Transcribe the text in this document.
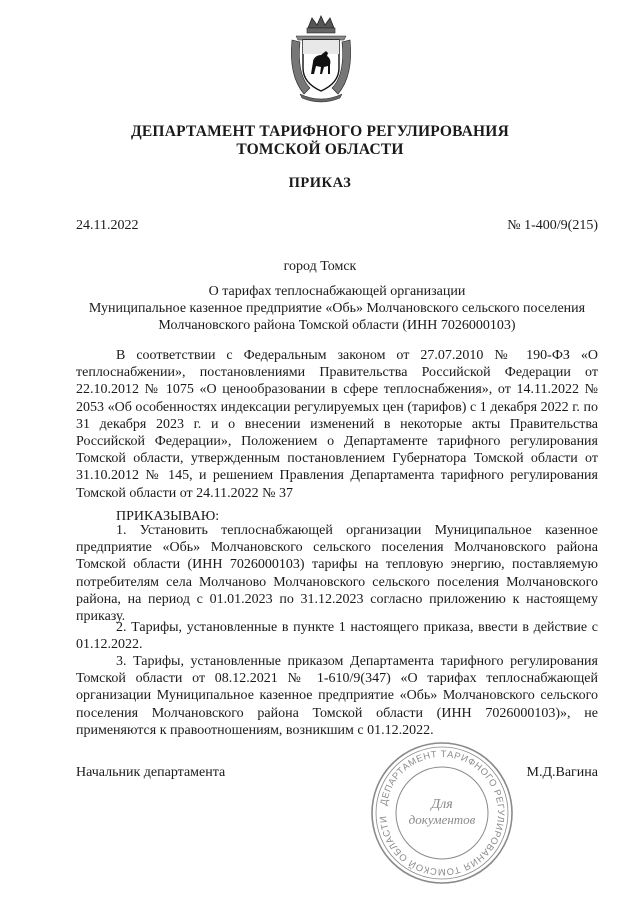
ДЕПАРТАМЕНТ ТАРИФНОГО РЕГУЛИРОВАНИЯ
ТОМСКОЙ ОБЛАСТИ
ПРИКАЗ
24.11.2022	№ 1-400/9(215)
город Томск
О тарифах теплоснабжающей организации
Муниципальное казенное предприятие «Обь» Молчановского сельского поселения
Молчановского района Томской области (ИНН 7026000103)
В соответствии с Федеральным законом от 27.07.2010 № 190-ФЗ «О теплоснабжении», постановлениями Правительства Российской Федерации от 22.10.2012 № 1075 «О ценообразовании в сфере теплоснабжения», от 14.11.2022 № 2053 «Об особенностях индексации регулируемых цен (тарифов) с 1 декабря 2022 г. по 31 декабря 2023 г. и о внесении изменений в некоторые акты Правительства Российской Федерации», Положением о Департаменте тарифного регулирования Томской области, утвержденным постановлением Губернатора Томской области от 31.10.2012 № 145, и решением Правления Департамента тарифного регулирования Томской области от 24.11.2022 № 37
ПРИКАЗЫВАЮ:
1. Установить теплоснабжающей организации Муниципальное казенное предприятие «Обь» Молчановского сельского поселения Молчановского района Томской области (ИНН 7026000103) тарифы на тепловую энергию, поставляемую потребителям села Молчаново Молчановского сельского поселения Молчановского района, на период с 01.01.2023 по 31.12.2023 согласно приложению к настоящему приказу.
2. Тарифы, установленные в пункте 1 настоящего приказа, ввести в действие с 01.12.2022.
3. Тарифы, установленные приказом Департамента тарифного регулирования Томской области от 08.12.2021 № 1-610/9(347) «О тарифах теплоснабжающей организации Муниципальное казенное предприятие «Обь» Молчановского сельского поселения Молчановского района Томской области (ИНН 7026000103)», не применяются к правоотношениям, возникшим с 01.12.2022.
Начальник департамента	М.Д.Вагина
ДЕПАРТАМЕНТ ТАРИФНОГО РЕГУЛИРОВАНИЯ ТОМСКОЙ ОБЛАСТИ
Для
документов
